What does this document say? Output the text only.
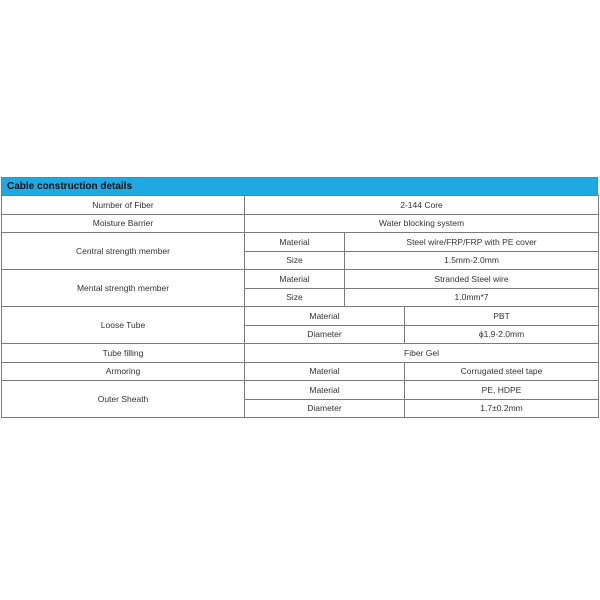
Cable construction details
Number of Fiber	2-144 Core		
Moisture Barrier	Water blocking system		
Central strength member	Material	Steel wire/FRP/FRP with PE cover	
	Size	1.5mm-2.0mm	
Mental strength member	Material	Stranded Steel wire	
	Size	1.0mm*7	
Loose Tube	Material		PBT
	Diameter		ϕ1.9-2.0mm
Tube filling	Fiber Gel		
Armoring	Material		Corrugated steel tape
Outer Sheath	Material		PE, HDPE
	Diameter		1.7±0.2mm
